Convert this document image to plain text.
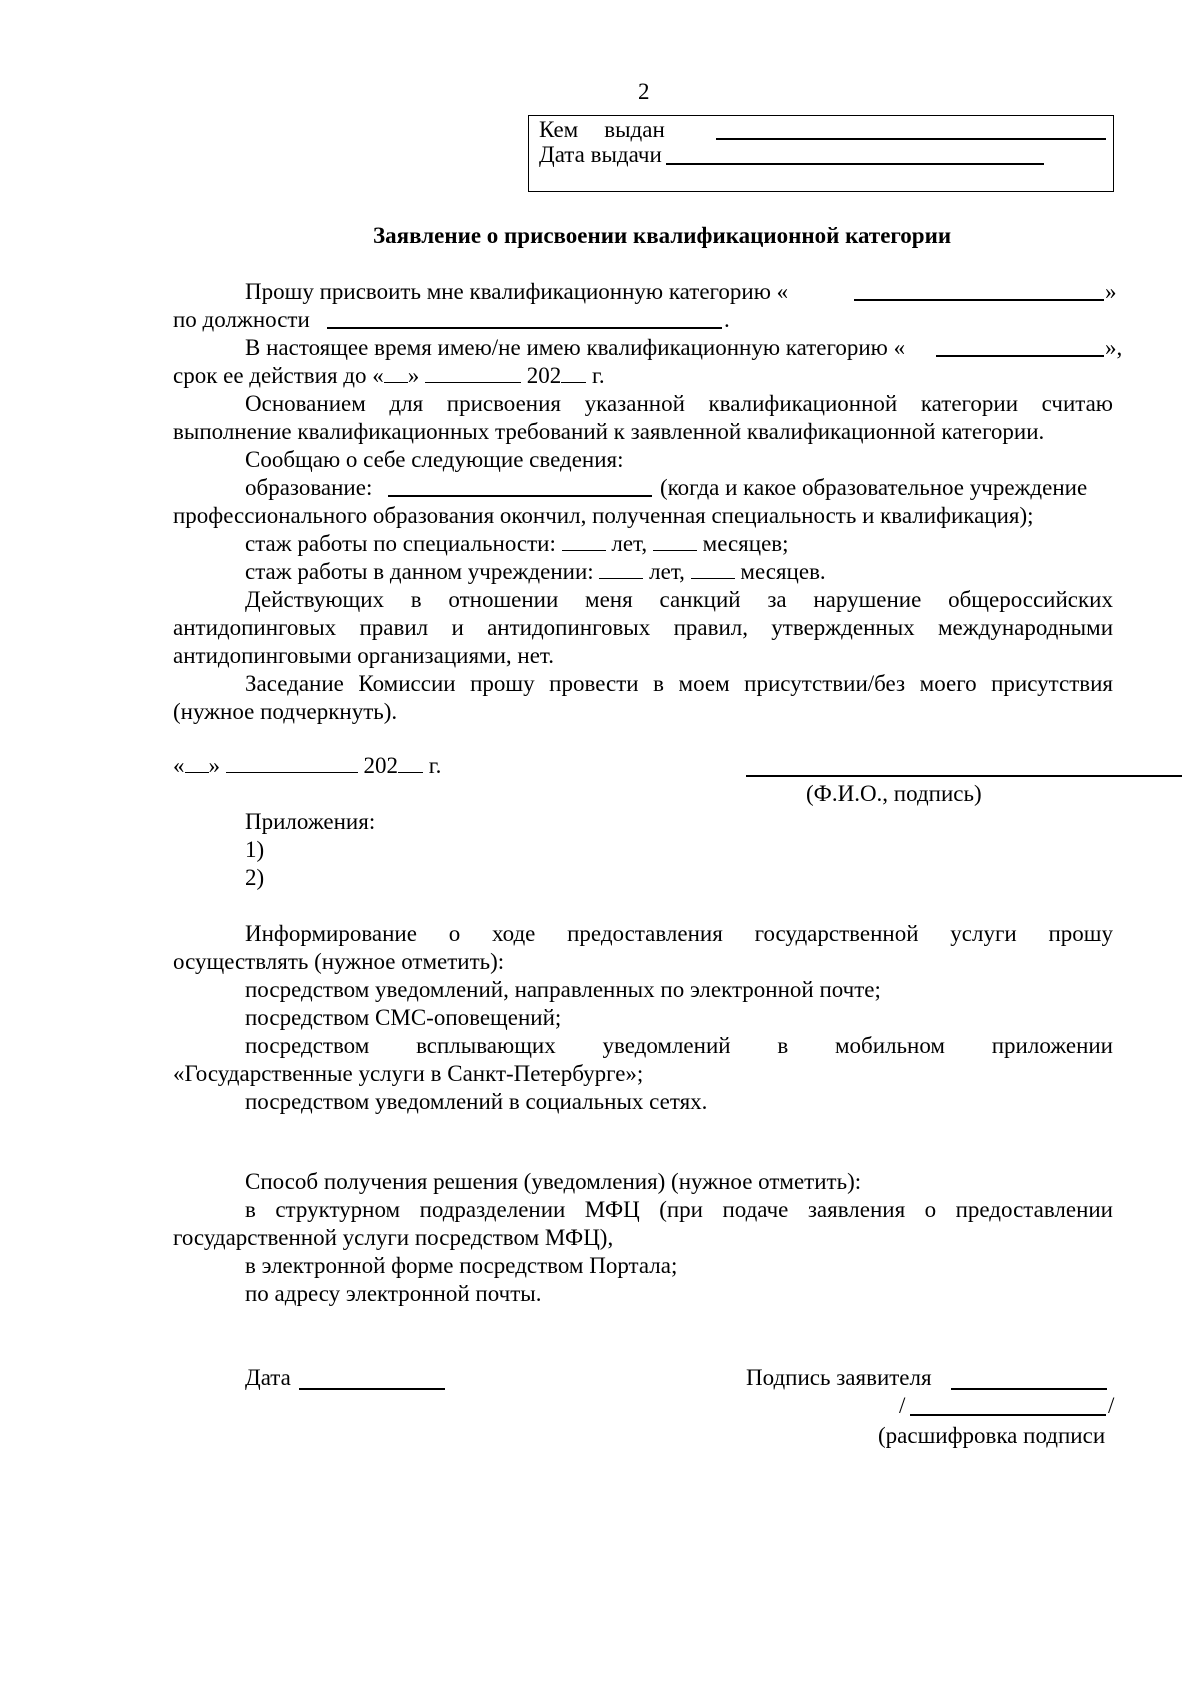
2
Кем выдан
Дата выдачи
Заявление о присвоении квалификационной категории
Прошу присвоить мне квалификационную категорию «	»
по должности	.
В настоящее время имею/не имею квалификационную категорию «	»,
срок ее действия до « »	202 г.
Основанием для присвоения указанной квалификационной категории считаю
выполнение квалификационных требований к заявленной квалификационной категории.
Сообщаю о себе следующие сведения:
образование:	(когда и какое образовательное учреждение
профессионального образования окончил, полученная специальность и квалификация);
стаж работы по специальности: лет, месяцев;
стаж работы в данном учреждении: лет, месяцев.
Действующих в отношении меня санкций за нарушение общероссийских
антидопинговых правил и антидопинговых правил, утвержденных международными
антидопинговыми организациями, нет.
Заседание Комиссии прошу провести в моем присутствии/без моего присутствия
(нужное подчеркнуть).
« »	202 г.
(Ф.И.О., подпись)
Приложения:
1)
2)
Информирование о ходе предоставления государственной услуги прошу
осуществлять (нужное отметить):
посредством уведомлений, направленных по электронной почте;
посредством СМС-оповещений;
посредством всплывающих уведомлений в мобильном приложении
«Государственные услуги в Санкт-Петербурге»;
посредством уведомлений в социальных сетях.
Способ получения решения (уведомления) (нужное отметить):
в структурном подразделении МФЦ (при подаче заявления о предоставлении
государственной услуги посредством МФЦ),
в электронной форме посредством Портала;
по адресу электронной почты.
Дата	Подпись заявителя
/	/
(расшифровка подписи
